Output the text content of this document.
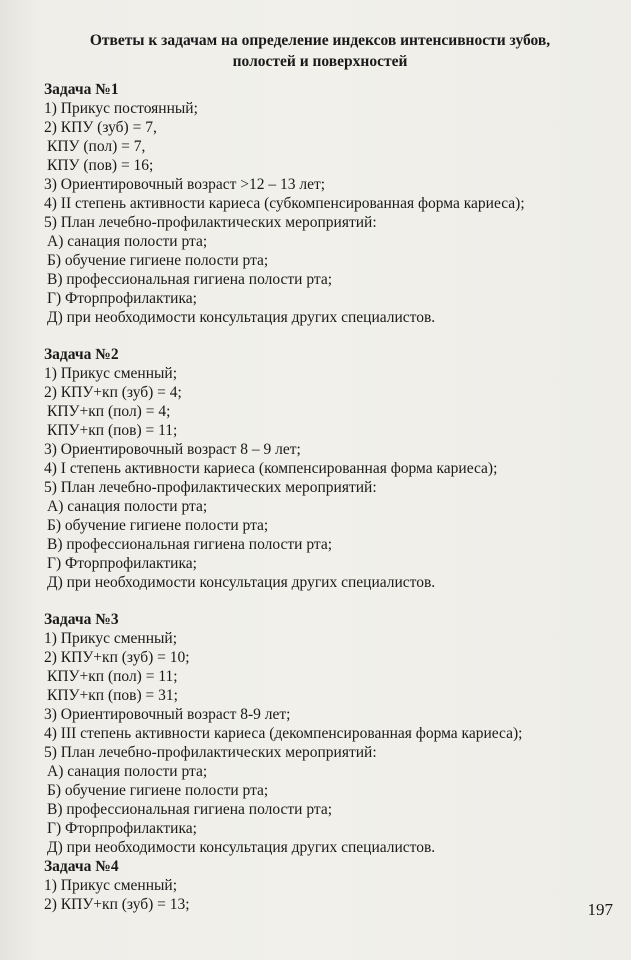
Ответы к задачам на определение индексов интенсивности зубов,
полостей и поверхностей
Задача №1
1) Прикус постоянный;
2) КПУ (зуб) = 7,
КПУ (пол) = 7,
КПУ (пов) = 16;
3) Ориентировочный возраст >12 – 13 лет;
4) II степень активности кариеса (субкомпенсированная форма кариеса);
5) План лечебно-профилактических мероприятий:
А) санация полости рта;
Б) обучение гигиене полости рта;
В) профессиональная гигиена полости рта;
Г) Фторпрофилактика;
Д) при необходимости консультация других специалистов.
Задача №2
1) Прикус сменный;
2) КПУ+кп (зуб) = 4;
КПУ+кп (пол) = 4;
КПУ+кп (пов) = 11;
3) Ориентировочный возраст 8 – 9 лет;
4) I степень активности кариеса (компенсированная форма кариеса);
5) План лечебно-профилактических мероприятий:
А) санация полости рта;
Б) обучение гигиене полости рта;
В) профессиональная гигиена полости рта;
Г) Фторпрофилактика;
Д) при необходимости консультация других специалистов.
Задача №3
1) Прикус сменный;
2) КПУ+кп (зуб) = 10;
КПУ+кп (пол) = 11;
КПУ+кп (пов) = 31;
3) Ориентировочный возраст 8-9 лет;
4) III степень активности кариеса (декомпенсированная форма кариеса);
5) План лечебно-профилактических мероприятий:
А) санация полости рта;
Б) обучение гигиене полости рта;
В) профессиональная гигиена полости рта;
Г) Фторпрофилактика;
Д) при необходимости консультация других специалистов.
Задача №4
1) Прикус сменный;
2) КПУ+кп (зуб) = 13;	197
